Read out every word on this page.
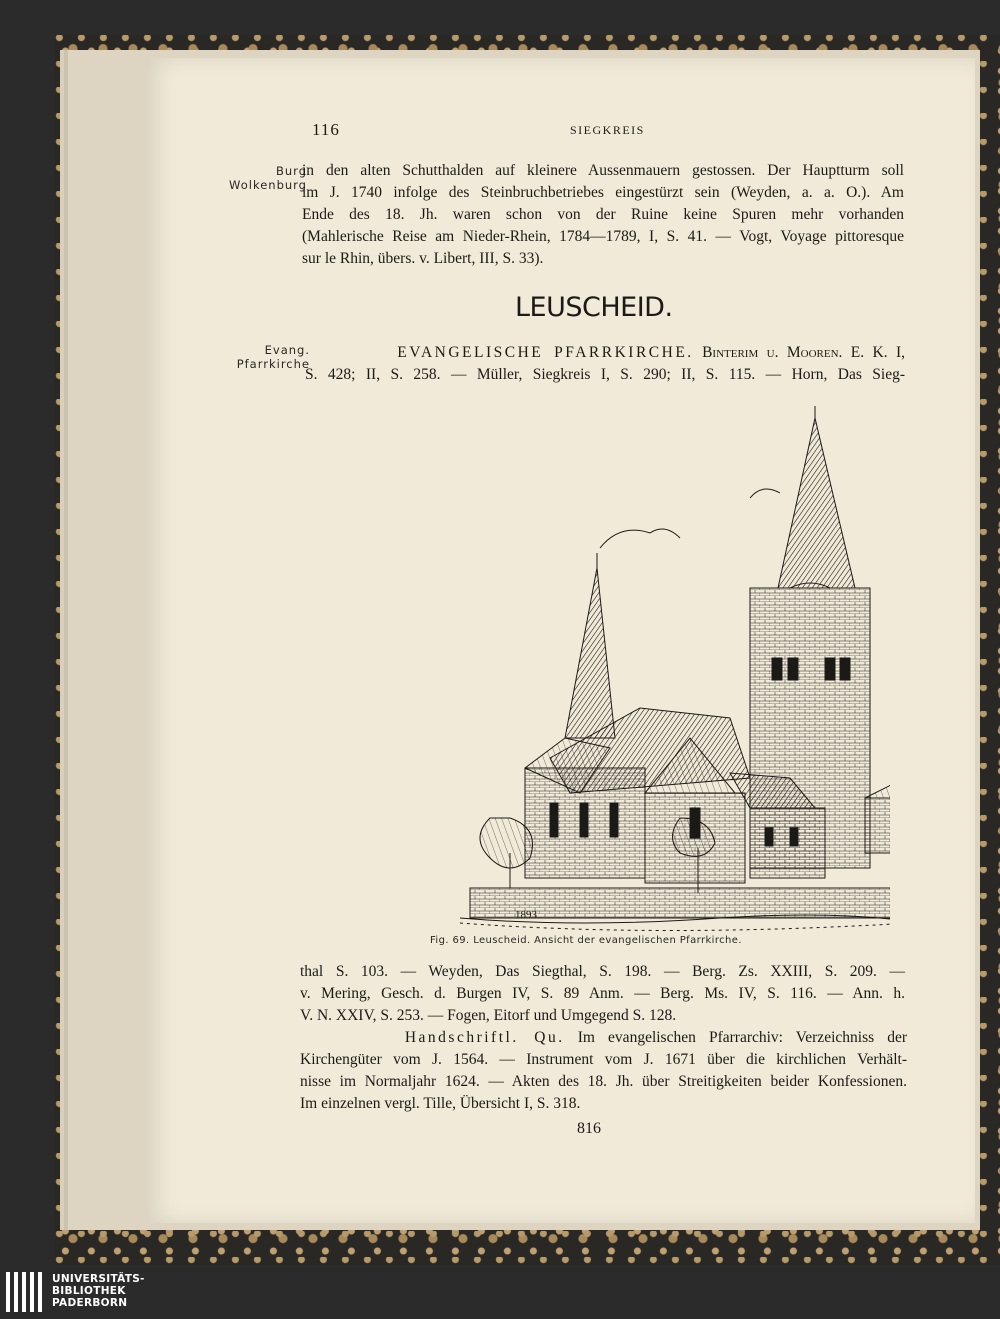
116	SIEGKREIS
Burg
Wolkenburg
in den alten Schutthalden auf kleinere Aussenmauern gestossen. Der Hauptturm soll
im J. 1740 infolge des Steinbruchbetriebes eingestürzt sein (Weyden, a. a. O.). Am
Ende des 18. Jh. waren schon von der Ruine keine Spuren mehr vorhanden
(Mahlerische Reise am Nieder-Rhein, 1784—1789, I, S. 41. — Vogt, Voyage pittoresque
sur le Rhin, übers. v. Libert, III, S. 33).
LEUSCHEID.
Evang.
Pfarrkirche
EVANGELISCHE PFARRKIRCHE. Binterim u. Mooren. E. K. I,
S. 428; II, S. 258. — Müller, Siegkreis I, S. 290; II, S. 115. — Horn, Das Sieg-
1893
Fig. 69. Leuscheid. Ansicht der evangelischen Pfarrkirche.
thal S. 103. — Weyden, Das Siegthal, S. 198. — Berg. Zs. XXIII, S. 209. —
v. Mering, Gesch. d. Burgen IV, S. 89 Anm. — Berg. Ms. IV, S. 116. — Ann. h.
V. N. XXIV, S. 253. — Fogen, Eitorf und Umgegend S. 128.
Handschriftl. Qu. Im evangelischen Pfarrarchiv: Verzeichniss der
Kirchengüter vom J. 1564. — Instrument vom J. 1671 über die kirchlichen Verhält-
nisse im Normaljahr 1624. — Akten des 18. Jh. über Streitigkeiten beider Konfessionen.
Im einzelnen vergl. Tille, Übersicht I, S. 318.
816
UNIVERSITÄTS-
BIBLIOTHEK
PADERBORN
